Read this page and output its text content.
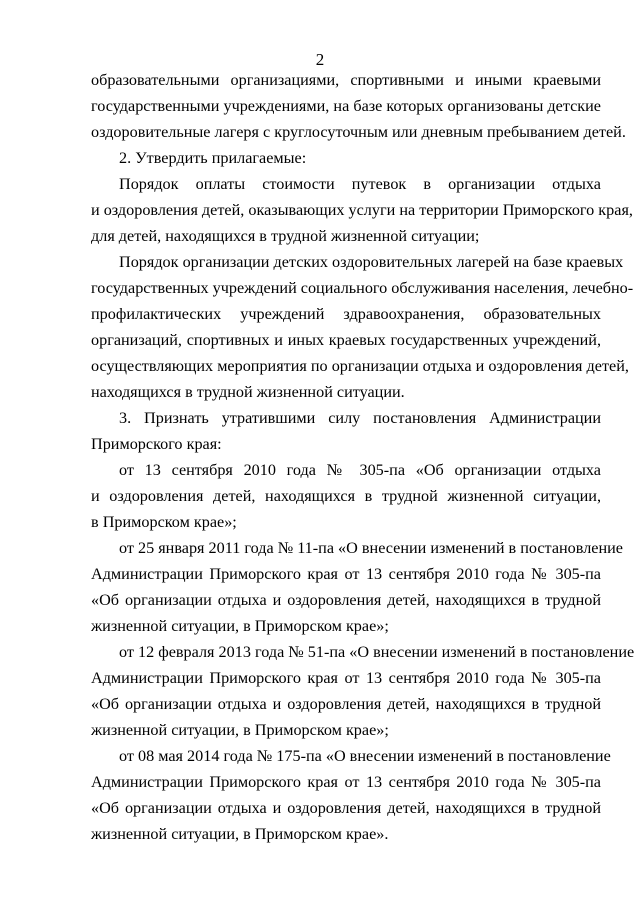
2
образовательными организациями, спортивными и иными краевыми
государственными учреждениями, на базе которых организованы детские
оздоровительные лагеря с круглосуточным или дневным пребыванием детей.
2. Утвердить прилагаемые:
Порядок оплаты стоимости путевок в организации отдыха
и оздоровления детей, оказывающих услуги на территории Приморского края,
для детей, находящихся в трудной жизненной ситуации;
Порядок организации детских оздоровительных лагерей на базе краевых
государственных учреждений социального обслуживания населения, лечебно-
профилактических учреждений здравоохранения, образовательных
организаций, спортивных и иных краевых государственных учреждений,
осуществляющих мероприятия по организации отдыха и оздоровления детей,
находящихся в трудной жизненной ситуации.
3. Признать утратившими силу постановления Администрации
Приморского края:
от 13 сентября 2010 года № 305-па «Об организации отдыха
и оздоровления детей, находящихся в трудной жизненной ситуации,
в Приморском крае»;
от 25 января 2011 года № 11-па «О внесении изменений в постановление
Администрации Приморского края от 13 сентября 2010 года № 305-па
«Об организации отдыха и оздоровления детей, находящихся в трудной
жизненной ситуации, в Приморском крае»;
от 12 февраля 2013 года № 51-па «О внесении изменений в постановление
Администрации Приморского края от 13 сентября 2010 года № 305-па
«Об организации отдыха и оздоровления детей, находящихся в трудной
жизненной ситуации, в Приморском крае»;
от 08 мая 2014 года № 175-па «О внесении изменений в постановление
Администрации Приморского края от 13 сентября 2010 года № 305-па
«Об организации отдыха и оздоровления детей, находящихся в трудной
жизненной ситуации, в Приморском крае».
